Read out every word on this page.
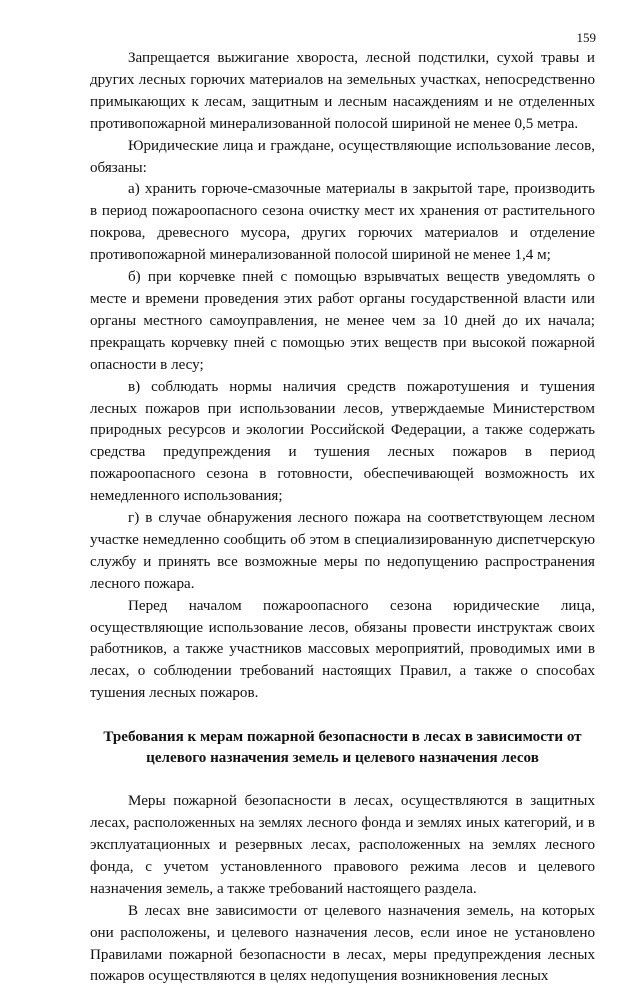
159

Запрещается выжигание хвороста, лесной подстилки, сухой травы и других лесных горючих материалов на земельных участках, непосредственно примыкающих к лесам, защитным и лесным насаждениям и не отделенных противопожарной минерализованной полосой шириной не менее 0,5 метра.

Юридические лица и граждане, осуществляющие использование лесов, обязаны:

а) хранить горюче-смазочные материалы в закрытой таре, производить в период пожароопасного сезона очистку мест их хранения от растительного покрова, древесного мусора, других горючих материалов и отделение противопожарной минерализованной полосой шириной не менее 1,4 м;

б) при корчевке пней с помощью взрывчатых веществ уведомлять о месте и времени проведения этих работ органы государственной власти или органы местного самоуправления, не менее чем за 10 дней до их начала; прекращать корчевку пней с помощью этих веществ при высокой пожарной опасности в лесу;

в) соблюдать нормы наличия средств пожаротушения и тушения лесных пожаров при использовании лесов, утверждаемые Министерством природных ресурсов и экологии Российской Федерации, а также содержать средства предупреждения и тушения лесных пожаров в период пожароопасного сезона в готовности, обеспечивающей возможность их немедленного использования;

г) в случае обнаружения лесного пожара на соответствующем лесном участке немедленно сообщить об этом в специализированную диспетчерскую службу и принять все возможные меры по недопущению распространения лесного пожара.

Перед началом пожароопасного сезона юридические лица, осуществляющие использование лесов, обязаны провести инструктаж своих работников, а также участников массовых мероприятий, проводимых ими в лесах, о соблюдении требований настоящих Правил, а также о способах тушения лесных пожаров.

Требования к мерам пожарной безопасности в лесах в зависимости от целевого назначения земель и целевого назначения лесов

Меры пожарной безопасности в лесах, осуществляются в защитных лесах, расположенных на землях лесного фонда и землях иных категорий, и в эксплуатационных и резервных лесах, расположенных на землях лесного фонда, с учетом установленного правового режима лесов и целевого назначения земель, а также требований настоящего раздела.

В лесах вне зависимости от целевого назначения земель, на которых они расположены, и целевого назначения лесов, если иное не установлено Правилами пожарной безопасности в лесах, меры предупреждения лесных пожаров осуществляются в целях недопущения возникновения лесных
